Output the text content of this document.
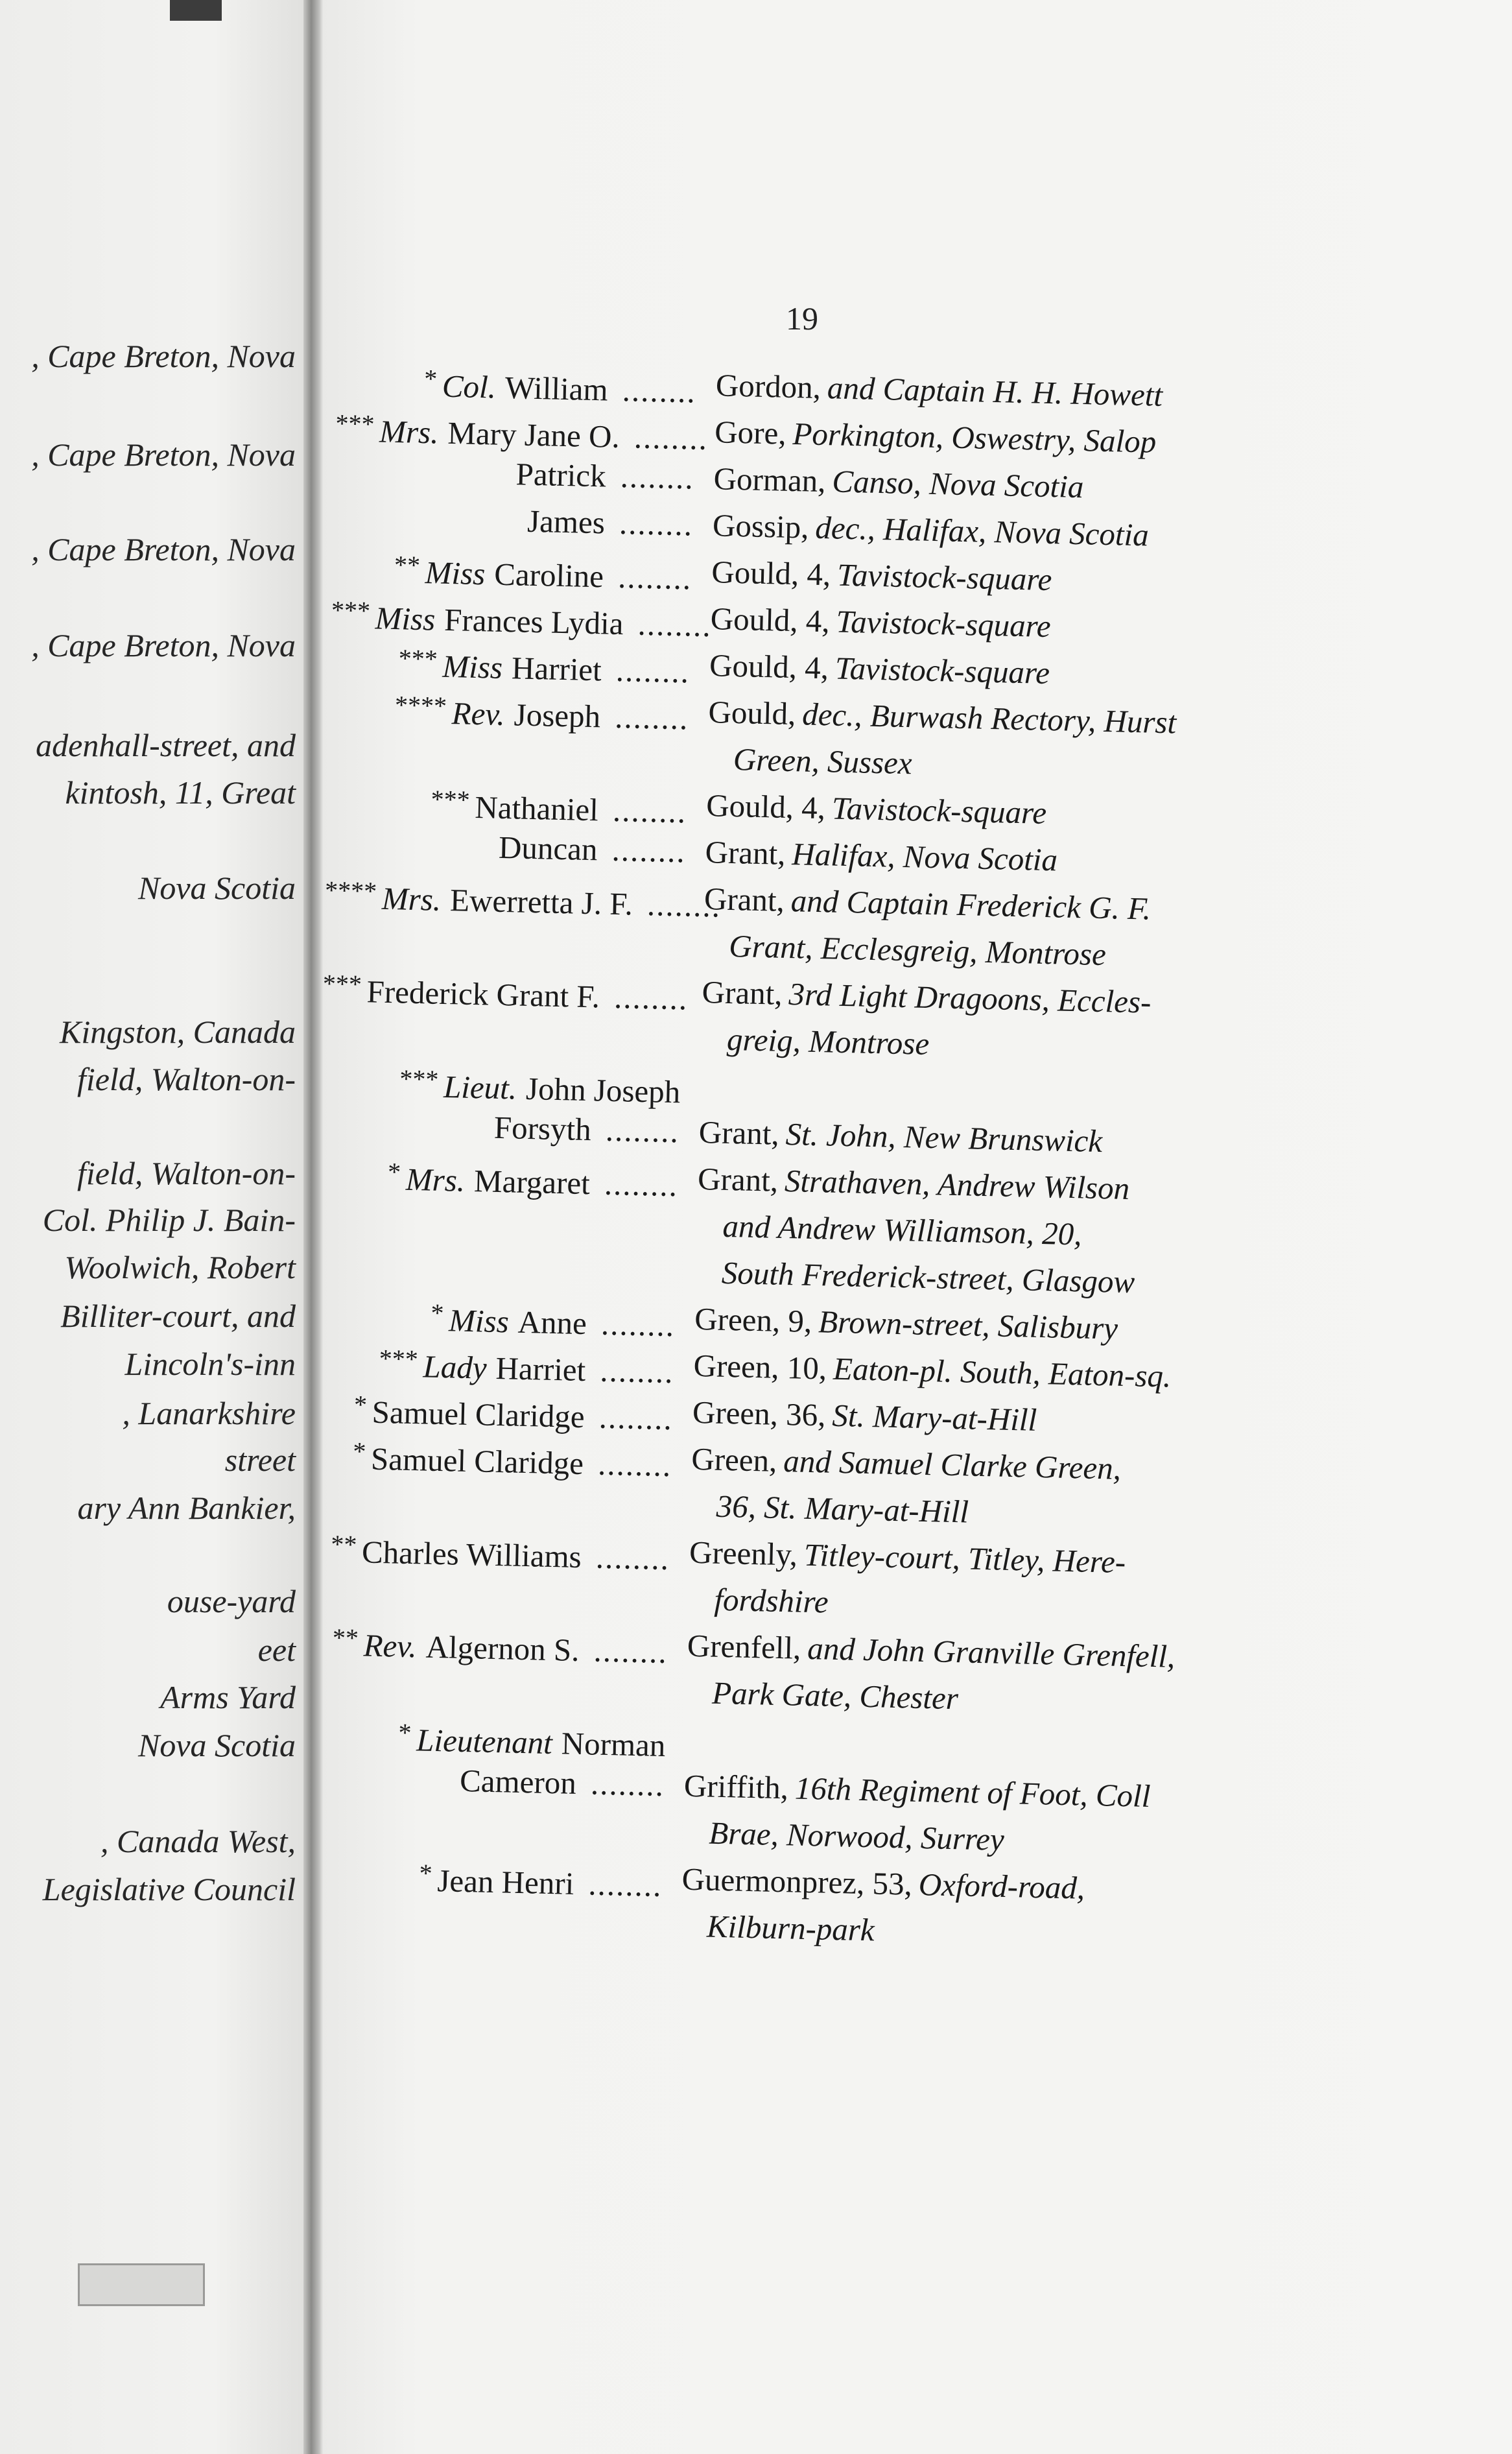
, Cape Breton, Nova
, Cape Breton, Nova
, Cape Breton, Nova
, Cape Breton, Nova
adenhall-street, and
kintosh, 11, Great
Nova Scotia
Kingston, Canada
field, Walton-on-
field, Walton-on-
Col. Philip J. Bain-
Woolwich, Robert
Billiter-court, and
Lincoln's-inn
, Lanarkshire
street
ary Ann Bankier,
ouse-yard
eet
Arms Yard
Nova Scotia
, Canada West,
Legislative Council
19
* Col. William ........ Gordon, and Captain H. H. Howett
*** Mrs. Mary Jane O. ........ Gore, Porkington, Oswestry, Salop
Patrick ........ Gorman, Canso, Nova Scotia
James ........ Gossip, dec., Halifax, Nova Scotia
** Miss Caroline ........ Gould, 4, Tavistock-square
*** Miss Frances Lydia ........
Gould, 4, Tavistock-square
*** Miss Harriet ........ Gould, 4, Tavistock-square
**** Rev. Joseph ........ Gould, dec., Burwash Rectory, Hurst
Green, Sussex
*** Nathaniel ........ Gould, 4, Tavistock-square
Duncan ........ Grant, Halifax, Nova Scotia
**** Mrs. Ewerretta J. F. ........
Grant, and Captain Frederick G. F.
Grant, Ecclesgreig, Montrose
*** Frederick Grant F. ........ Grant, 3rd Light Dragoons, Eccles-
greig, Montrose
*** Lieut. John Joseph

Forsyth ........ Grant, St. John, New Brunswick
* Mrs. Margaret ........ Grant, Strathaven, Andrew Wilson
and Andrew Williamson, 20,
South Frederick-street, Glasgow
* Miss Anne ........ Green, 9, Brown-street, Salisbury
*** Lady Harriet ........ Green, 10, Eaton-pl. South, Eaton-sq.
* Samuel Claridge ........ Green, 36, St. Mary-at-Hill
* Samuel Claridge ........ Green, and Samuel Clarke Green,
36, St. Mary-at-Hill
** Charles Williams ........ Greenly, Titley-court, Titley, Here-
fordshire
** Rev. Algernon S. ........ Grenfell, and John Granville Grenfell,
Park Gate, Chester
* Lieutenant Norman

Cameron ........ Griffith, 16th Regiment of Foot, Coll
Brae, Norwood, Surrey
* Jean Henri ........ Guermonprez, 53, Oxford-road,
Kilburn-park
